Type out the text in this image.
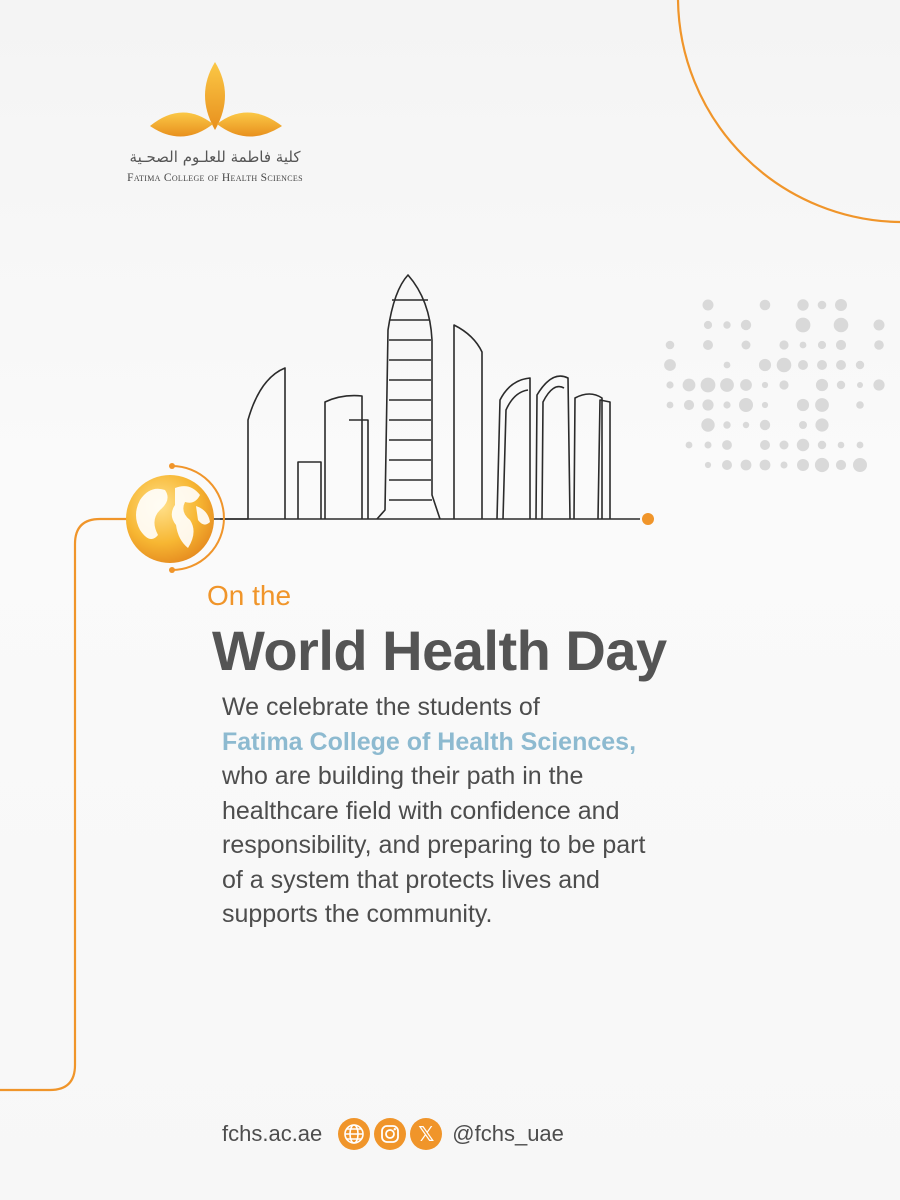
كلية فاطمة للعلـوم الصحـية
Fatima College of Health Sciences
On the
World Health Day
We celebrate the students of
Fatima College of Health Sciences, who are building their path in the healthcare field with confidence and responsibility, and preparing to be part of a system that protects lives and supports the community.
fchs.ac.ae	𝕏 @fchs_uae
